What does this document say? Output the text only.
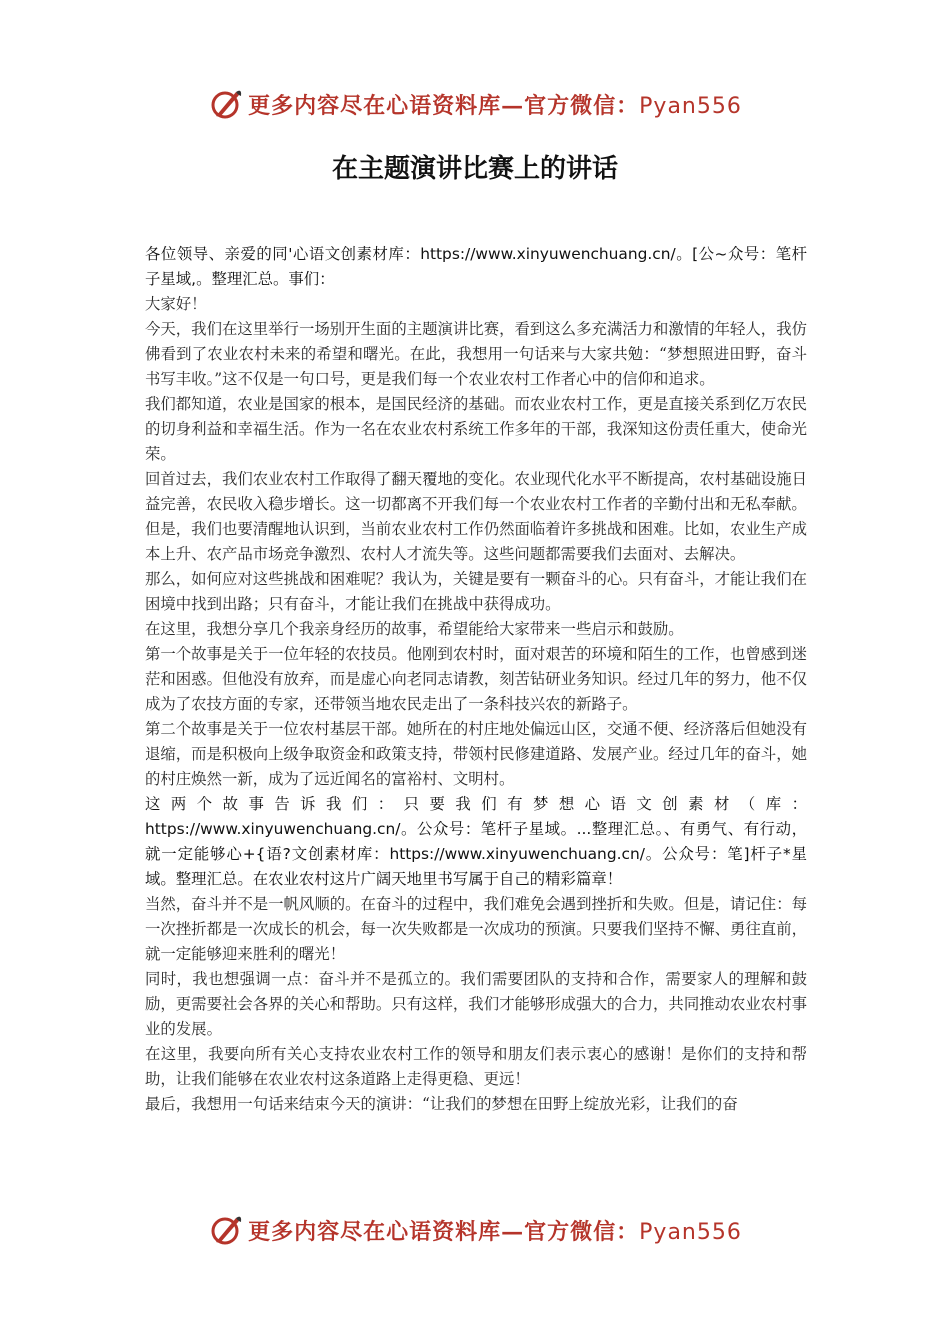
更多内容尽在心语资料库—官方微信：Pyan556
在主题演讲比赛上的讲话

各位领导、亲爱的同'心语文创素材库：https://www.xinyuwenchuang.cn/。[公~众号：笔杆子星域,。整理汇总。事们：

大家好！

今天，我们在这里举行一场别开生面的主题演讲比赛，看到这么多充满活力和激情的年轻人，我仿佛看到了农业农村未来的希望和曙光。在此，我想用一句话来与大家共勉：“梦想照进田野，奋斗书写丰收。”这不仅是一句口号，更是我们每一个农业农村工作者心中的信仰和追求。

我们都知道，农业是国家的根本，是国民经济的基础。而农业农村工作，更是直接关系到亿万农民的切身利益和幸福生活。作为一名在农业农村系统工作多年的干部，我深知这份责任重大，使命光荣。

回首过去，我们农业农村工作取得了翻天覆地的变化。农业现代化水平不断提高，农村基础设施日益完善，农民收入稳步增长。这一切都离不开我们每一个农业农村工作者的辛勤付出和无私奉献。

但是，我们也要清醒地认识到，当前农业农村工作仍然面临着许多挑战和困难。比如，农业生产成本上升、农产品市场竞争激烈、农村人才流失等。这些问题都需要我们去面对、去解决。

那么，如何应对这些挑战和困难呢？我认为，关键是要有一颗奋斗的心。只有奋斗，才能让我们在困境中找到出路；只有奋斗，才能让我们在挑战中获得成功。

在这里，我想分享几个我亲身经历的故事，希望能给大家带来一些启示和鼓励。

第一个故事是关于一位年轻的农技员。他刚到农村时，面对艰苦的环境和陌生的工作，也曾感到迷茫和困惑。但他没有放弃，而是虚心向老同志请教，刻苦钻研业务知识。经过几年的努力，他不仅成为了农技方面的专家，还带领当地农民走出了一条科技兴农的新路子。

第二个故事是关于一位农村基层干部。她所在的村庄地处偏远山区，交通不便、经济落后但她没有退缩，而是积极向上级争取资金和政策支持，带领村民修建道路、发展产业。经过几年的奋斗，她的村庄焕然一新，成为了远近闻名的富裕村、文明村。

这两个故事告诉我们：只要我们有梦想心语文创素材（库：https://www.xinyuwenchuang.cn/。公众号：笔杆子星域。...整理汇总。、有勇气、有行动，就一定能够心+{语?文创素材库：https://www.xinyuwenchuang.cn/。公众号：笔]杆子*星域。整理汇总。在农业农村这片广阔天地里书写属于自己的精彩篇章！

当然，奋斗并不是一帆风顺的。在奋斗的过程中，我们难免会遇到挫折和失败。但是，请记住：每一次挫折都是一次成长的机会，每一次失败都是一次成功的预演。只要我们坚持不懈、勇往直前，就一定能够迎来胜利的曙光！

同时，我也想强调一点：奋斗并不是孤立的。我们需要团队的支持和合作，需要家人的理解和鼓励，更需要社会各界的关心和帮助。只有这样，我们才能够形成强大的合力，共同推动农业农村事业的发展。

在这里，我要向所有关心支持农业农村工作的领导和朋友们表示衷心的感谢！是你们的支持和帮助，让我们能够在农业农村这条道路上走得更稳、更远！

最后，我想用一句话来结束今天的演讲：“让我们的梦想在田野上绽放光彩，让我们的奋

更多内容尽在心语资料库—官方微信：Pyan556
